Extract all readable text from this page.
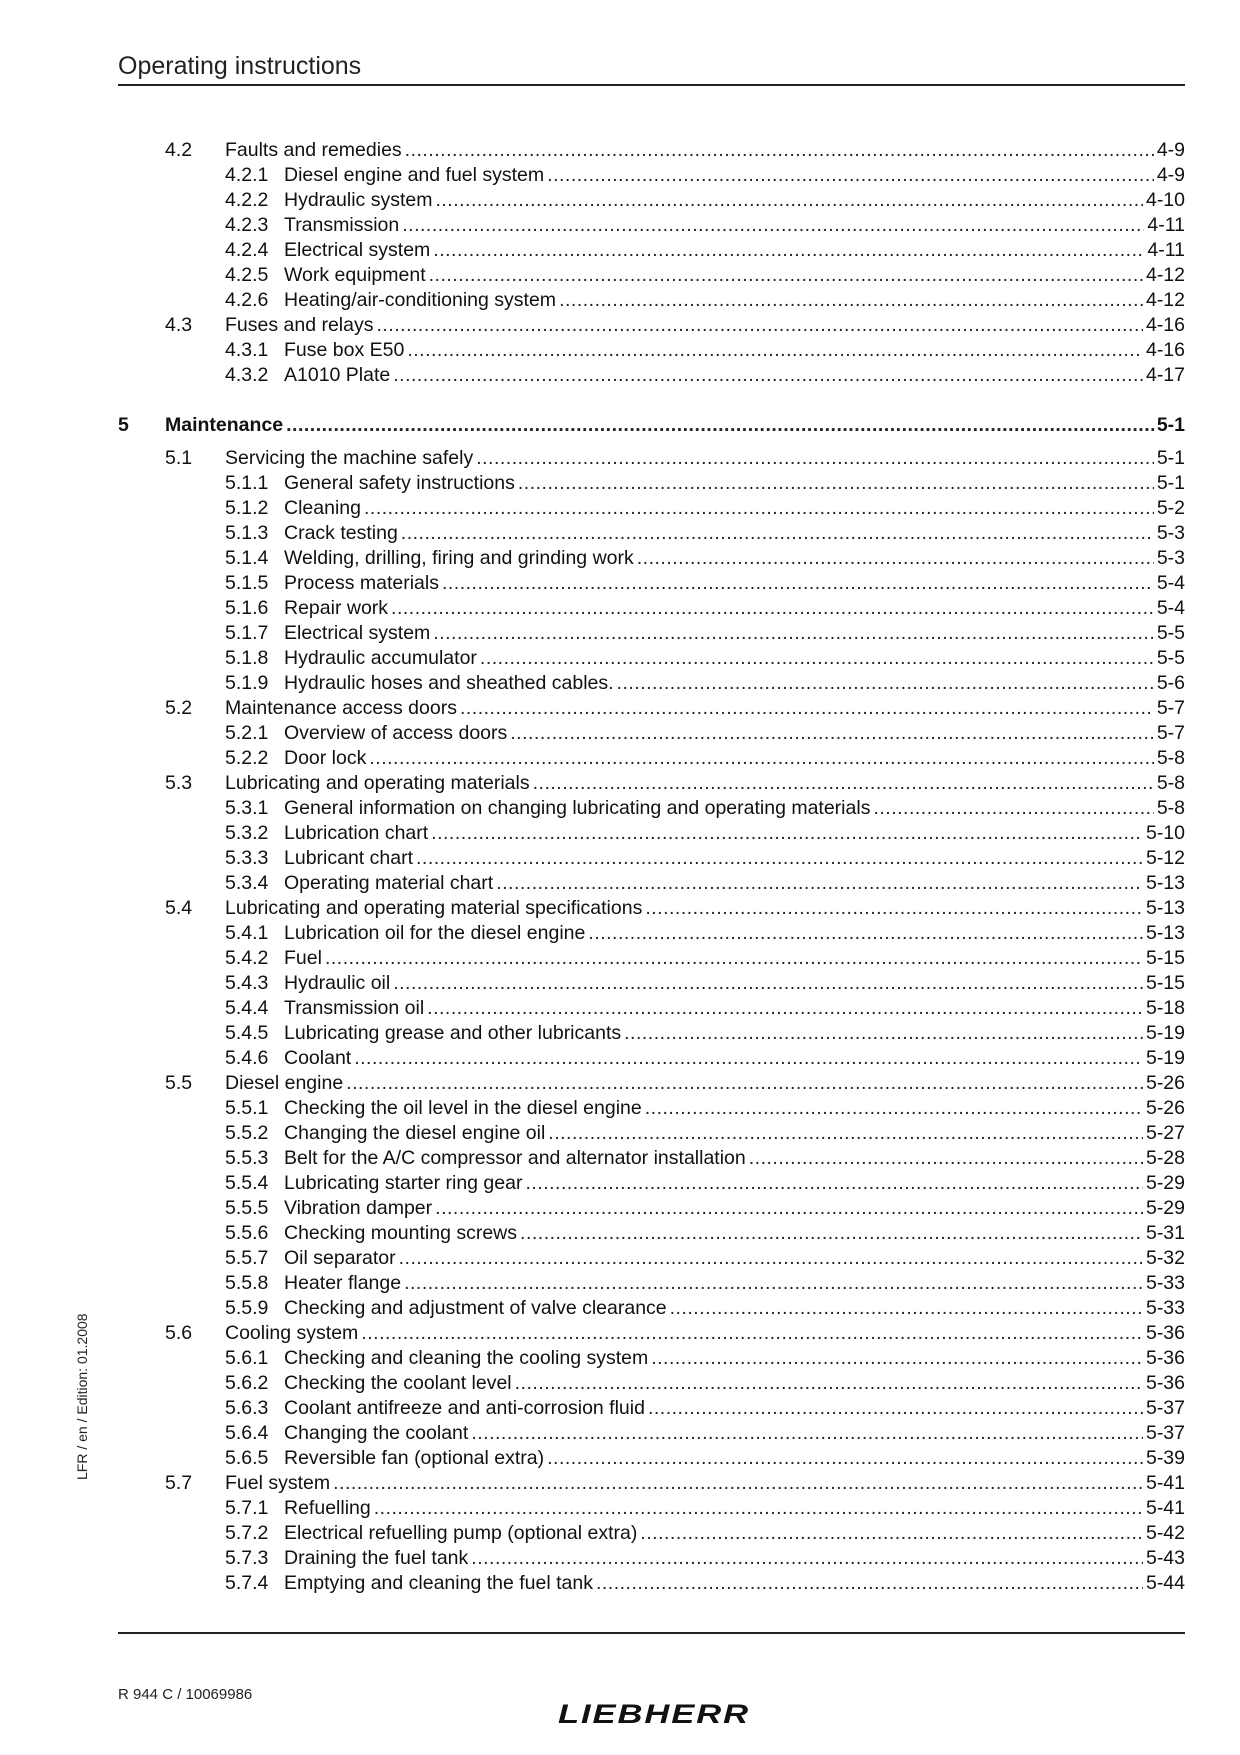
Operating instructions
4.2 Faults and remedies .....	4-9
4.2.1 Diesel engine and fuel system .....	4-9
4.2.2 Hydraulic system .....	4-10
4.2.3 Transmission .....	4-11
4.2.4 Electrical system .....	4-11
4.2.5 Work equipment .....	4-12
4.2.6 Heating/air-conditioning system .....	4-12
4.3 Fuses and relays .....	4-16
4.3.1 Fuse box E50 .....	4-16
4.3.2 A1010 Plate .....	4-17
5 Maintenance .....	5-1
5.1 Servicing the machine safely .....	5-1
5.1.1 General safety instructions .....	5-1
5.1.2 Cleaning .....	5-2
5.1.3 Crack testing .....	5-3
5.1.4 Welding, drilling, firing and grinding work .....	5-3
5.1.5 Process materials .....	5-4
5.1.6 Repair work .....	5-4
5.1.7 Electrical system .....	5-5
5.1.8 Hydraulic accumulator .....	5-5
5.1.9 Hydraulic hoses and sheathed cables. .....	5-6
5.2 Maintenance access doors .....	5-7
5.2.1 Overview of access doors .....	5-7
5.2.2 Door lock .....	5-8
5.3 Lubricating and operating materials .....	5-8
5.3.1 General information on changing lubricating and operating materials .....	5-8
5.3.2 Lubrication chart .....	5-10
5.3.3 Lubricant chart .....	5-12
5.3.4 Operating material chart .....	5-13
5.4 Lubricating and operating material specifications .....	5-13
5.4.1 Lubrication oil for the diesel engine .....	5-13
5.4.2 Fuel .....	5-15
5.4.3 Hydraulic oil .....	5-15
5.4.4 Transmission oil .....	5-18
5.4.5 Lubricating grease and other lubricants .....	5-19
5.4.6 Coolant .....	5-19
5.5 Diesel engine .....	5-26
5.5.1 Checking the oil level in the diesel engine .....	5-26
5.5.2 Changing the diesel engine oil .....	5-27
5.5.3 Belt for the A/C compressor and alternator installation .....	5-28
5.5.4 Lubricating starter ring gear .....	5-29
5.5.5 Vibration damper .....	5-29
5.5.6 Checking mounting screws .....	5-31
5.5.7 Oil separator .....	5-32
5.5.8 Heater flange .....	5-33
5.5.9 Checking and adjustment of valve clearance .....	5-33
5.6 Cooling system .....	5-36
5.6.1 Checking and cleaning the cooling system .....	5-36
5.6.2 Checking the coolant level .....	5-36
5.6.3 Coolant antifreeze and anti-corrosion fluid .....	5-37
5.6.4 Changing the coolant .....	5-37
5.6.5 Reversible fan (optional extra) .....	5-39
5.7 Fuel system .....	5-41
5.7.1 Refuelling .....	5-41
5.7.2 Electrical refuelling pump (optional extra) .....	5-42
5.7.3 Draining the fuel tank .....	5-43
5.7.4 Emptying and cleaning the fuel tank .....	5-44
R 944 C / 10069986
LFR / en / Edition: 01.2008
LIEBHERR
